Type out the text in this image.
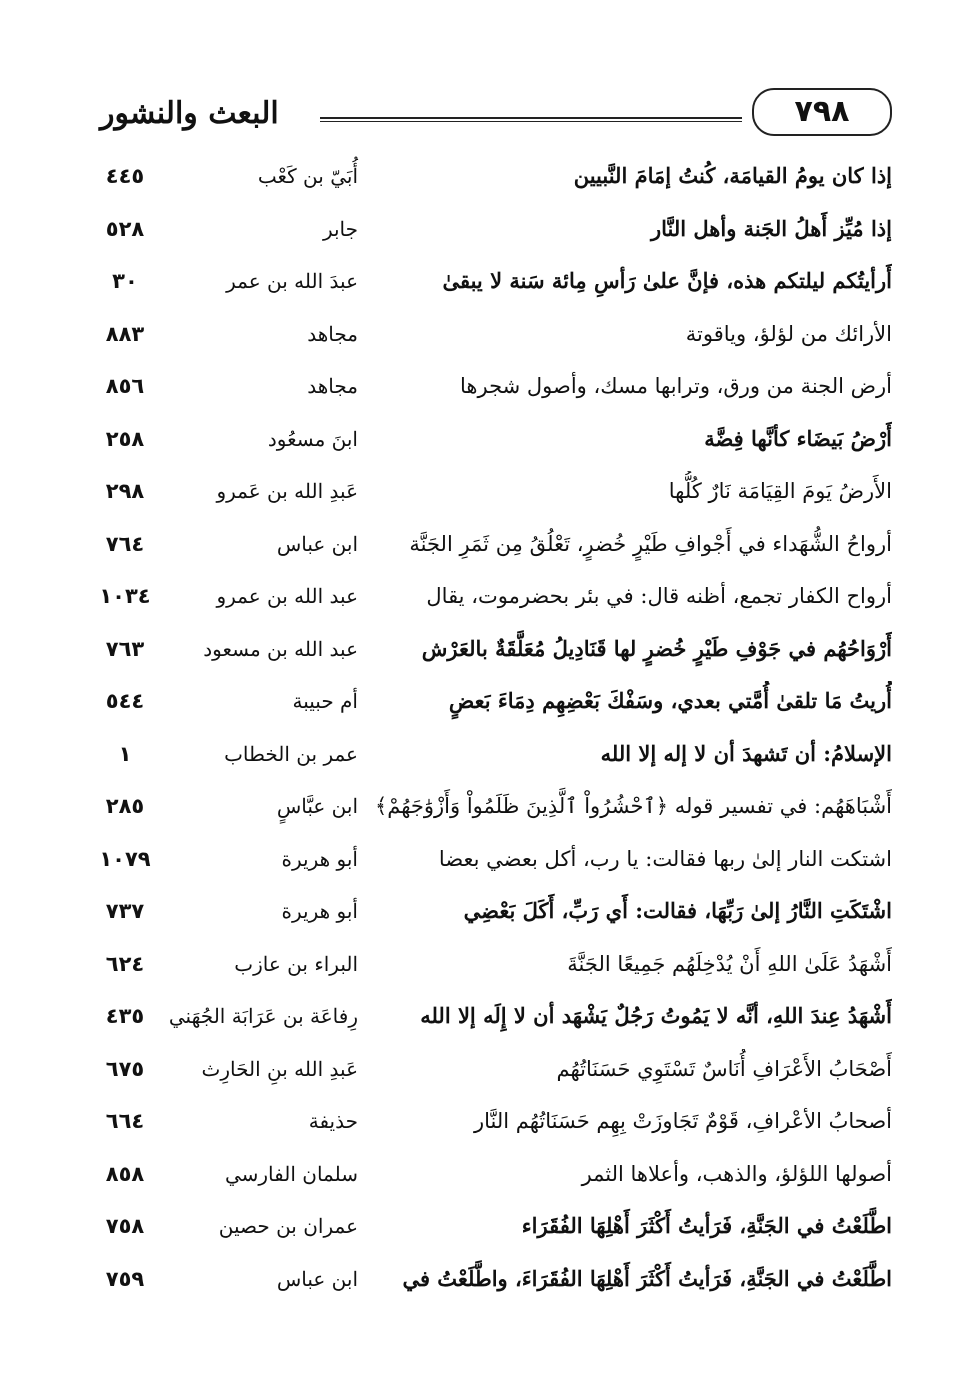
البعث والنشور	٧٩٨
إذا كان يومُ القيامَة، كُنتُ إمَامَ النَّبيين
أُبَيّ بن كَعْب
٤٤٥
إذا مُيِّز أَهلُ الجَنة وأهل النَّار
جابر
٥٢٨
أَرأيتُكم ليلتكم هذه، فإنَّ علىٰ رَأسِ مِائة سَنة لا يبقىٰ
عبدَ الله بن عمر
٣٠
الأرائك من لؤلؤ، وياقوتة
مجاهد
٨٨٣
أرض الجنة من ورق، وترابها مسك، وأصول شجرها
مجاهد
٨٥٦
أَرْضُ بَيضَاء كأنَّها فِضَّة
ابنَ مسعُود
٢٥٨
الأَرضُ يَومَ القِيَامَة نَارٌ كُلُّها
عَبدِ الله بن عَمرو
٢٩٨
أرواحُ الشُّهَداء في أَجْوافِ طَيْرٍ خُضرٍ، تَعْلُقُ مِن ثَمَرِ الجَنَّة
ابن عباس
٧٦٤
أرواح الكفار تجمع، أظنه قال: في بئر بحضرموت، يقال
عبد الله بن عمرو
١٠٣٤
أَرْوَاحُهُم في جَوْفِ طَيْرٍ خُضرٍ لها قَنَادِيلُ مُعَلَّقَةٌ بالعَرْش
عبد الله بن مسعود
٧٦٣
أُريتُ مَا تلقىٰ أُمَّتي بعدي، وسَفْكَ بَعْضِهِم دِمَاءَ بَعضٍ
أم حبيبة
٥٤٤
الإسلامُ: أن تَشهدَ أن لا إله إلا الله
عمر بن الخطاب
١
أَشْبَاهَهُم: في تفسير قوله ﴿ٱحْشُرُواْ ٱلَّذِينَ ظَلَمُواْ وَأَزْوَٰجَهُمْ﴾
ابن عبَّاسٍ
٢٨٥
اشتكت النار إلىٰ ربها فقالت: يا رب، أكل بعضي بعضا
أبو هريرة
١٠٧٩
اشْتَكَتِ النَّارُ إلىٰ رَبِّهَا، فقالت: أَي رَبِّ، أَكَلَ بَعْضِي
أبو هريرة
٧٣٧
أَشْهَدُ عَلَىٰ اللهِ أَنْ يُدْخِلَهُم جَمِيعًا الجَنَّةَ
البراء بن عازب
٦٢٤
أَشْهَدُ عِندَ اللهِ، أنَّه لا يَمُوتُ رَجُلٌ يَشْهَد أن لا إِلَه إلا الله
رِفاعَة بن عَرَابَة الجُهَني
٤٣٥
أَصْحَابُ الأَعْرَافِ أُنَاسٌ تَسْتَوِي حَسَنَاتُهُم
عَبدِ الله بنِ الحَارِث
٦٧٥
أصحابُ الأعْرافِ، قَوْمٌ تَجَاوزَتْ بِهِم حَسَنَاتُهُم النَّار
حذيفة
٦٦٤
أصولها اللؤلؤ، والذهب، وأعلاها الثمر
سلمان الفارسي
٨٥٨
اطَّلَعْتُ في الجَنَّةِ، فَرَأيتُ أَكْثَرَ أَهْلِهَا الفُقَرَاء
عمران بن حصين
٧٥٨
اطَّلَعْتُ في الجَنَّةِ، فَرَأيتُ أَكْثَرَ أَهْلِهَا الفُقَرَاءَ، واطَّلَعْتُ في
ابن عباس
٧٥٩
